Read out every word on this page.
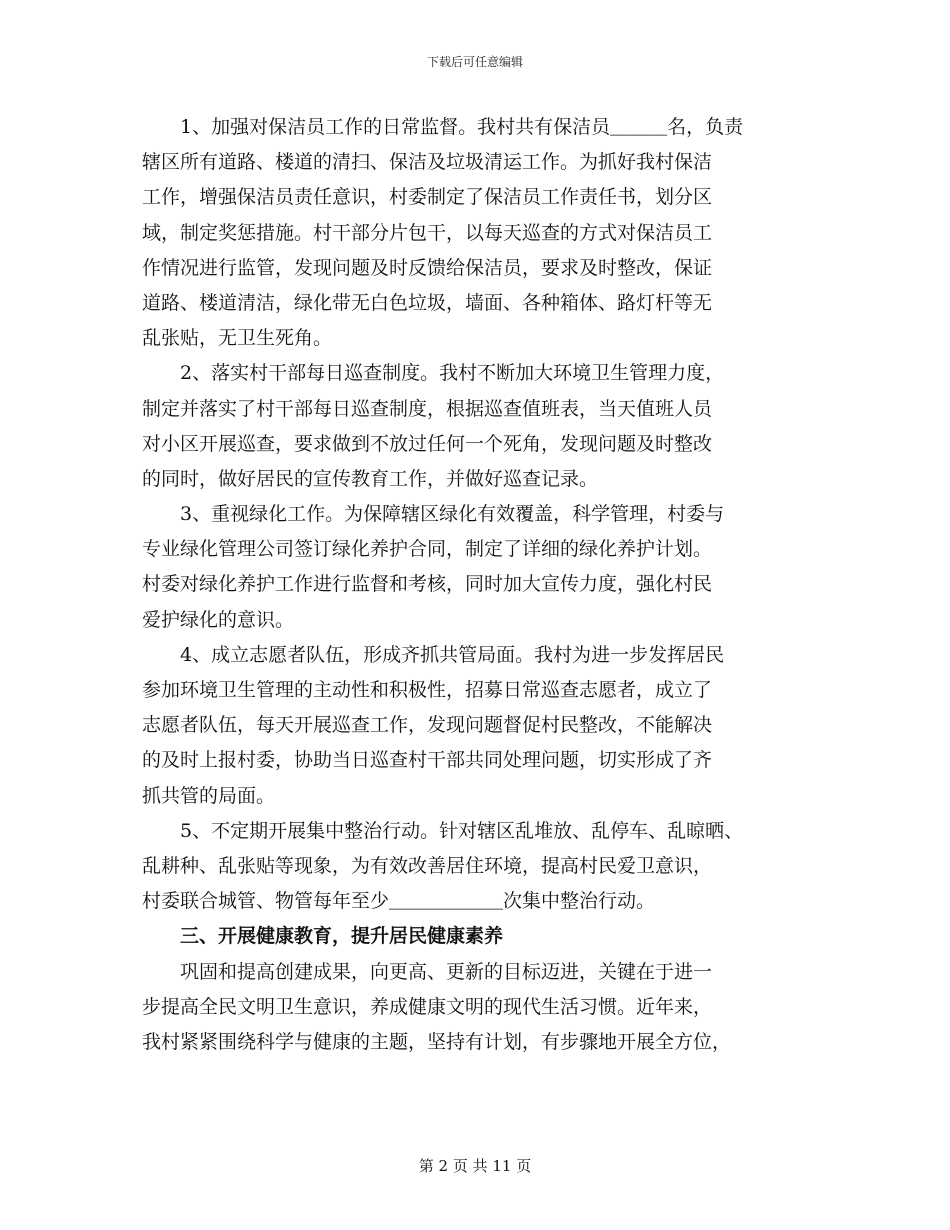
下载后可任意编辑
　　1、加强对保洁员工作的日常监督。我村共有保洁员＿＿＿名，负责
辖区所有道路、楼道的清扫、保洁及垃圾清运工作。为抓好我村保洁
工作，增强保洁员责任意识，村委制定了保洁员工作责任书，划分区
域，制定奖惩措施。村干部分片包干，以每天巡查的方式对保洁员工
作情况进行监管，发现问题及时反馈给保洁员，要求及时整改，保证
道路、楼道清洁，绿化带无白色垃圾，墙面、各种箱体、路灯杆等无
乱张贴，无卫生死角。
　　2、落实村干部每日巡查制度。我村不断加大环境卫生管理力度，
制定并落实了村干部每日巡查制度，根据巡查值班表，当天值班人员
对小区开展巡查，要求做到不放过任何一个死角，发现问题及时整改
的同时，做好居民的宣传教育工作，并做好巡查记录。
　　3、重视绿化工作。为保障辖区绿化有效覆盖，科学管理，村委与
专业绿化管理公司签订绿化养护合同，制定了详细的绿化养护计划。
村委对绿化养护工作进行监督和考核，同时加大宣传力度，强化村民
爱护绿化的意识。
　　4、成立志愿者队伍，形成齐抓共管局面。我村为进一步发挥居民
参加环境卫生管理的主动性和积极性，招募日常巡查志愿者，成立了
志愿者队伍，每天开展巡查工作，发现问题督促村民整改，不能解决
的及时上报村委，协助当日巡查村干部共同处理问题，切实形成了齐
抓共管的局面。
　　5、不定期开展集中整治行动。针对辖区乱堆放、乱停车、乱晾晒、
乱耕种、乱张贴等现象，为有效改善居住环境，提高村民爱卫意识，
村委联合城管、物管每年至少＿＿＿＿＿＿次集中整治行动。
　　三、开展健康教育，提升居民健康素养
　　巩固和提高创建成果，向更高、更新的目标迈进，关键在于进一
步提高全民文明卫生意识，养成健康文明的现代生活习惯。近年来，
我村紧紧围绕科学与健康的主题，坚持有计划，有步骤地开展全方位，
第 2 页 共 11 页
